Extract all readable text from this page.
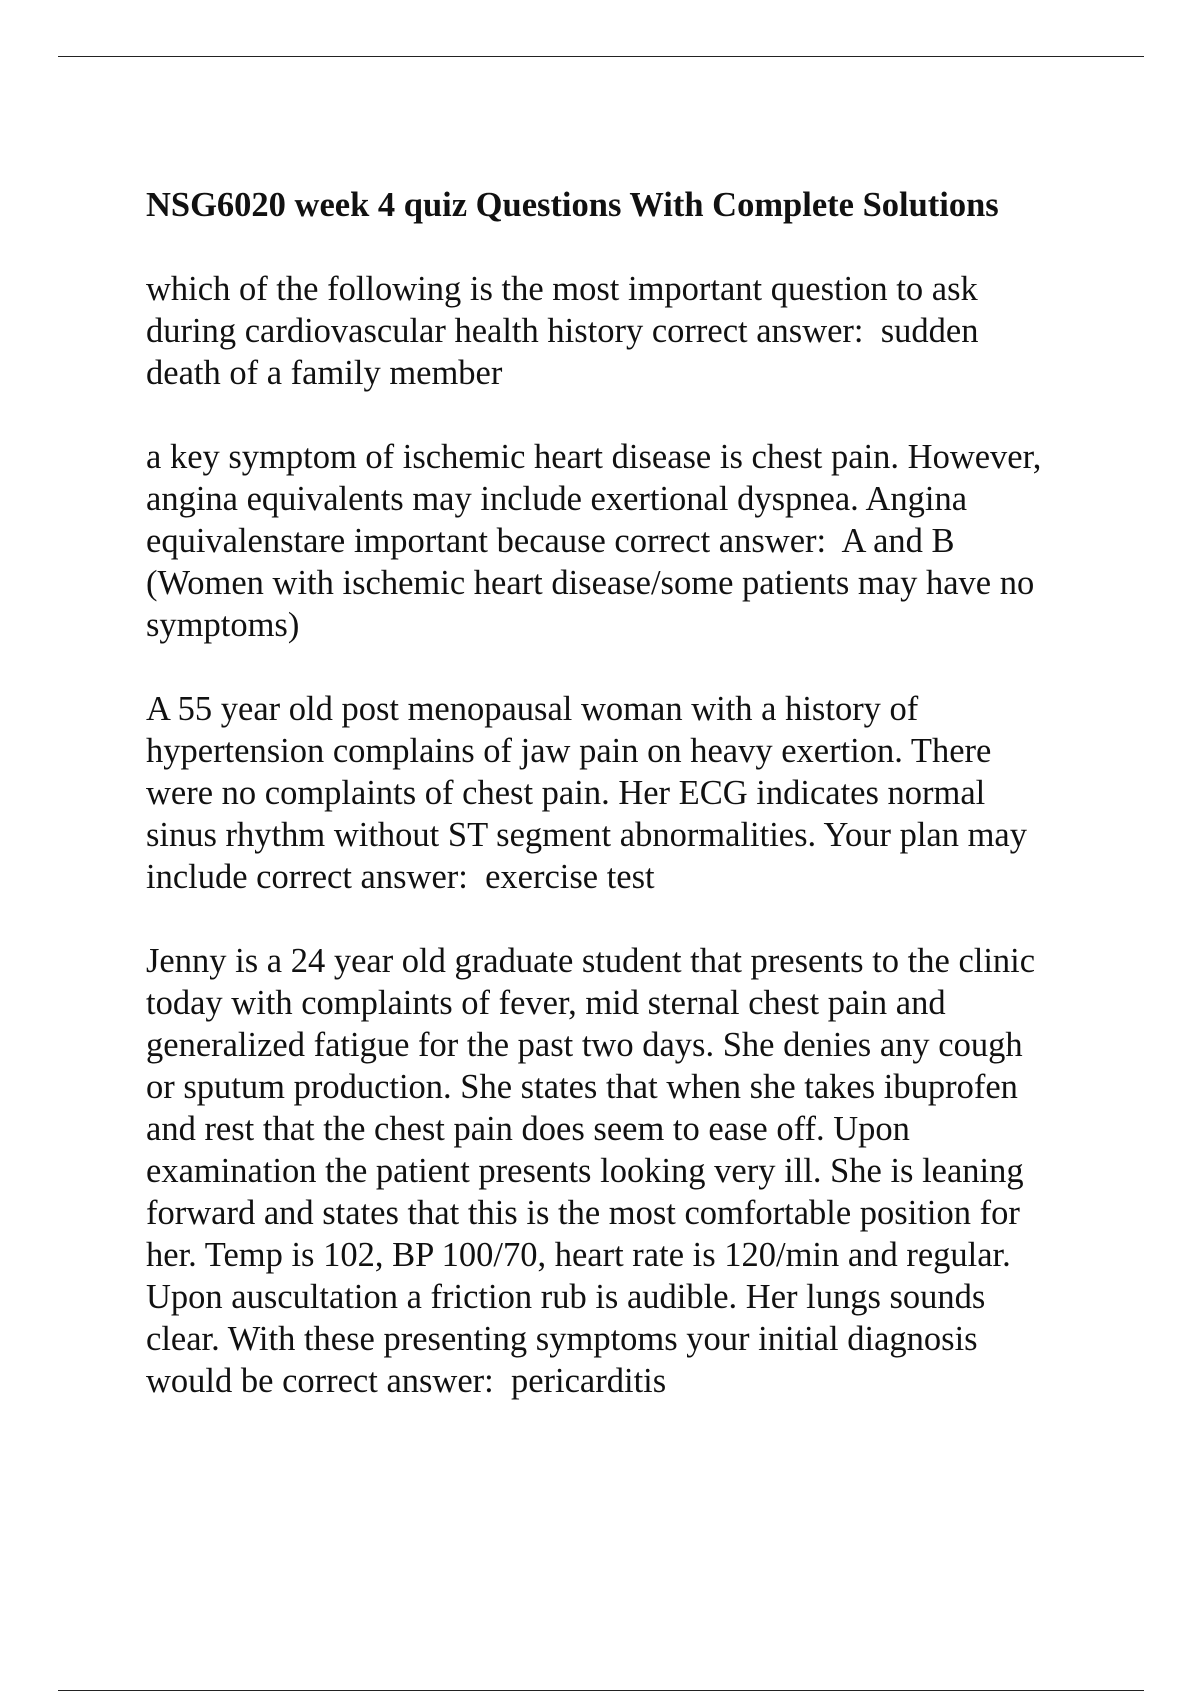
NSG6020 week 4 quiz Questions With Complete Solutions
which of the following is the most important question to ask
during cardiovascular health history correct answer:  sudden
death of a family member
a key symptom of ischemic heart disease is chest pain. However,
angina equivalents may include exertional dyspnea. Angina
equivalenstare important because correct answer:  A and B
(Women with ischemic heart disease/some patients may have no
symptoms)
A 55 year old post menopausal woman with a history of
hypertension complains of jaw pain on heavy exertion. There
were no complaints of chest pain. Her ECG indicates normal
sinus rhythm without ST segment abnormalities. Your plan may
include correct answer:  exercise test
Jenny is a 24 year old graduate student that presents to the clinic
today with complaints of fever, mid sternal chest pain and
generalized fatigue for the past two days. She denies any cough
or sputum production. She states that when she takes ibuprofen
and rest that the chest pain does seem to ease off. Upon
examination the patient presents looking very ill. She is leaning
forward and states that this is the most comfortable position for
her. Temp is 102, BP 100/70, heart rate is 120/min and regular.
Upon auscultation a friction rub is audible. Her lungs sounds
clear. With these presenting symptoms your initial diagnosis
would be correct answer:  pericarditis
